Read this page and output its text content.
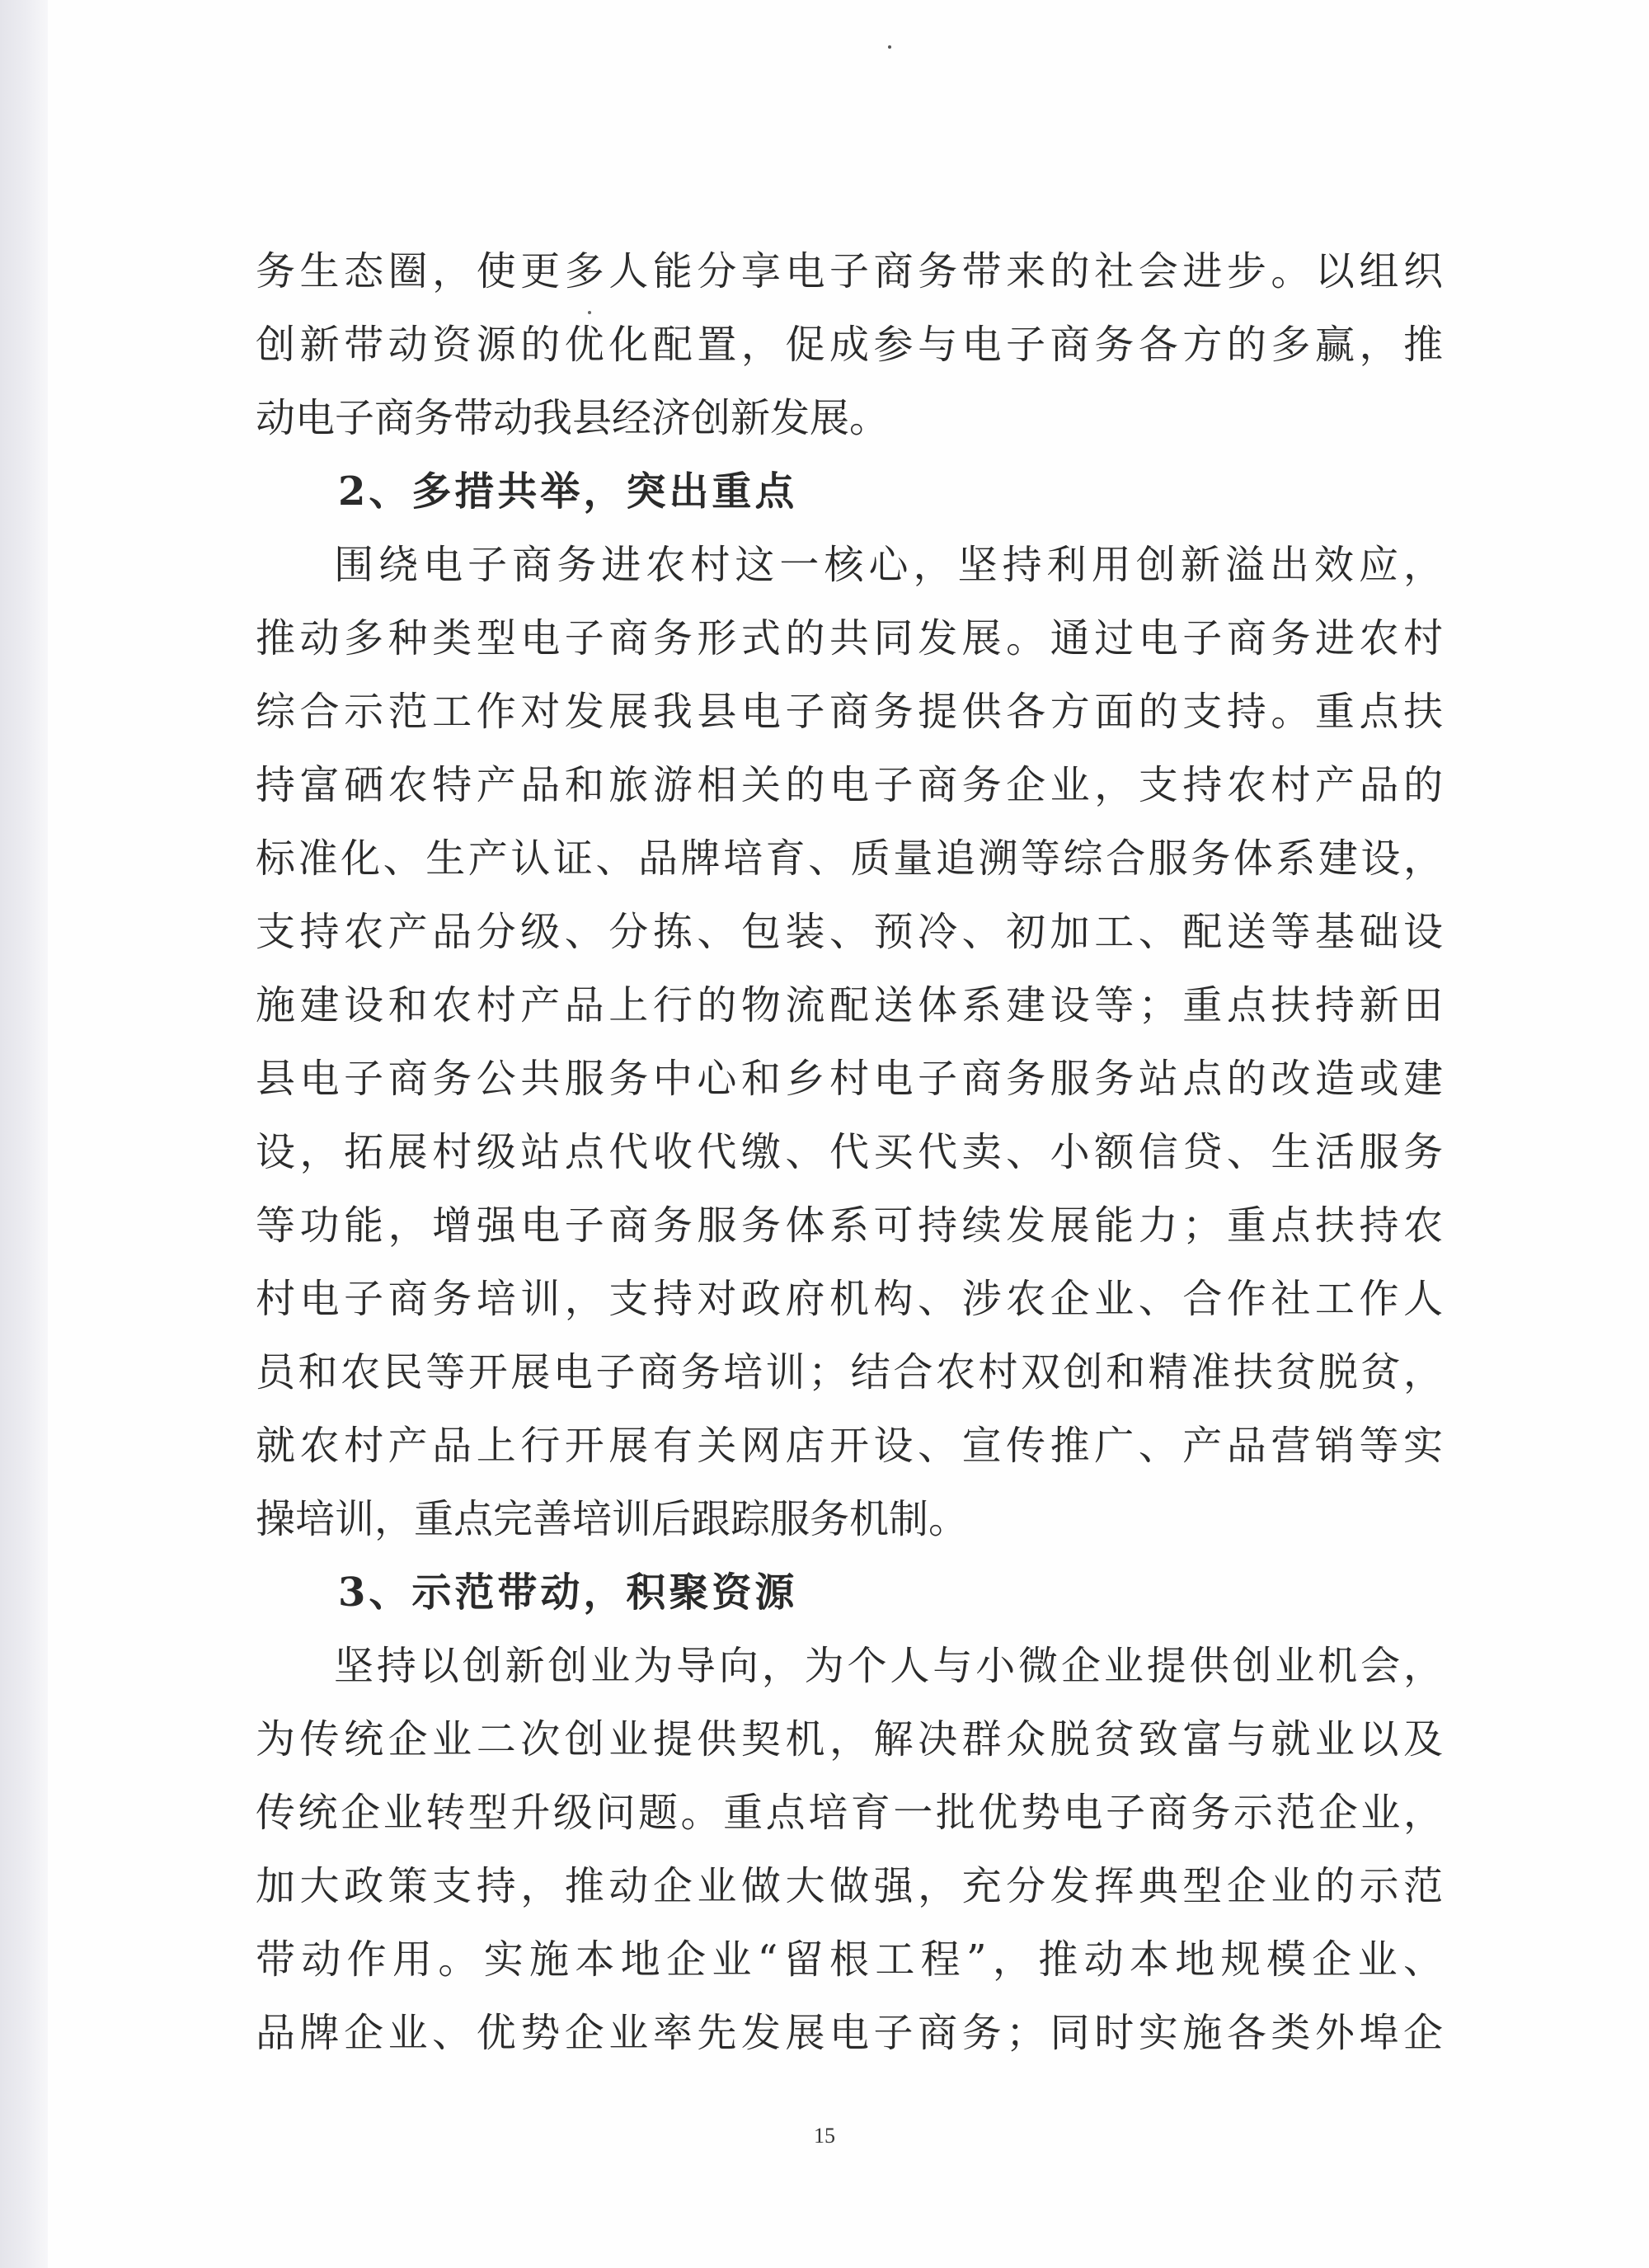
务生态圈，使更多人能分享电子商务带来的社会进步。以组织
创新带动资源的优化配置，促成参与电子商务各方的多赢，推
动电子商务带动我县经济创新发展。
2、多措共举，突出重点
围绕电子商务进农村这一核心，坚持利用创新溢出效应，
推动多种类型电子商务形式的共同发展。通过电子商务进农村
综合示范工作对发展我县电子商务提供各方面的支持。重点扶
持富硒农特产品和旅游相关的电子商务企业，支持农村产品的
标准化、生产认证、品牌培育、质量追溯等综合服务体系建设，
支持农产品分级、分拣、包装、预冷、初加工、配送等基础设
施建设和农村产品上行的物流配送体系建设等；重点扶持新田
县电子商务公共服务中心和乡村电子商务服务站点的改造或建
设，拓展村级站点代收代缴、代买代卖、小额信贷、生活服务
等功能，增强电子商务服务体系可持续发展能力；重点扶持农
村电子商务培训，支持对政府机构、涉农企业、合作社工作人
员和农民等开展电子商务培训；结合农村双创和精准扶贫脱贫，
就农村产品上行开展有关网店开设、宣传推广、产品营销等实
操培训，重点完善培训后跟踪服务机制。
3、示范带动，积聚资源
坚持以创新创业为导向，为个人与小微企业提供创业机会，
为传统企业二次创业提供契机，解决群众脱贫致富与就业以及
传统企业转型升级问题。重点培育一批优势电子商务示范企业，
加大政策支持，推动企业做大做强，充分发挥典型企业的示范
带动作用。实施本地企业“留根工程”，推动本地规模企业、
品牌企业、优势企业率先发展电子商务；同时实施各类外埠企
15
